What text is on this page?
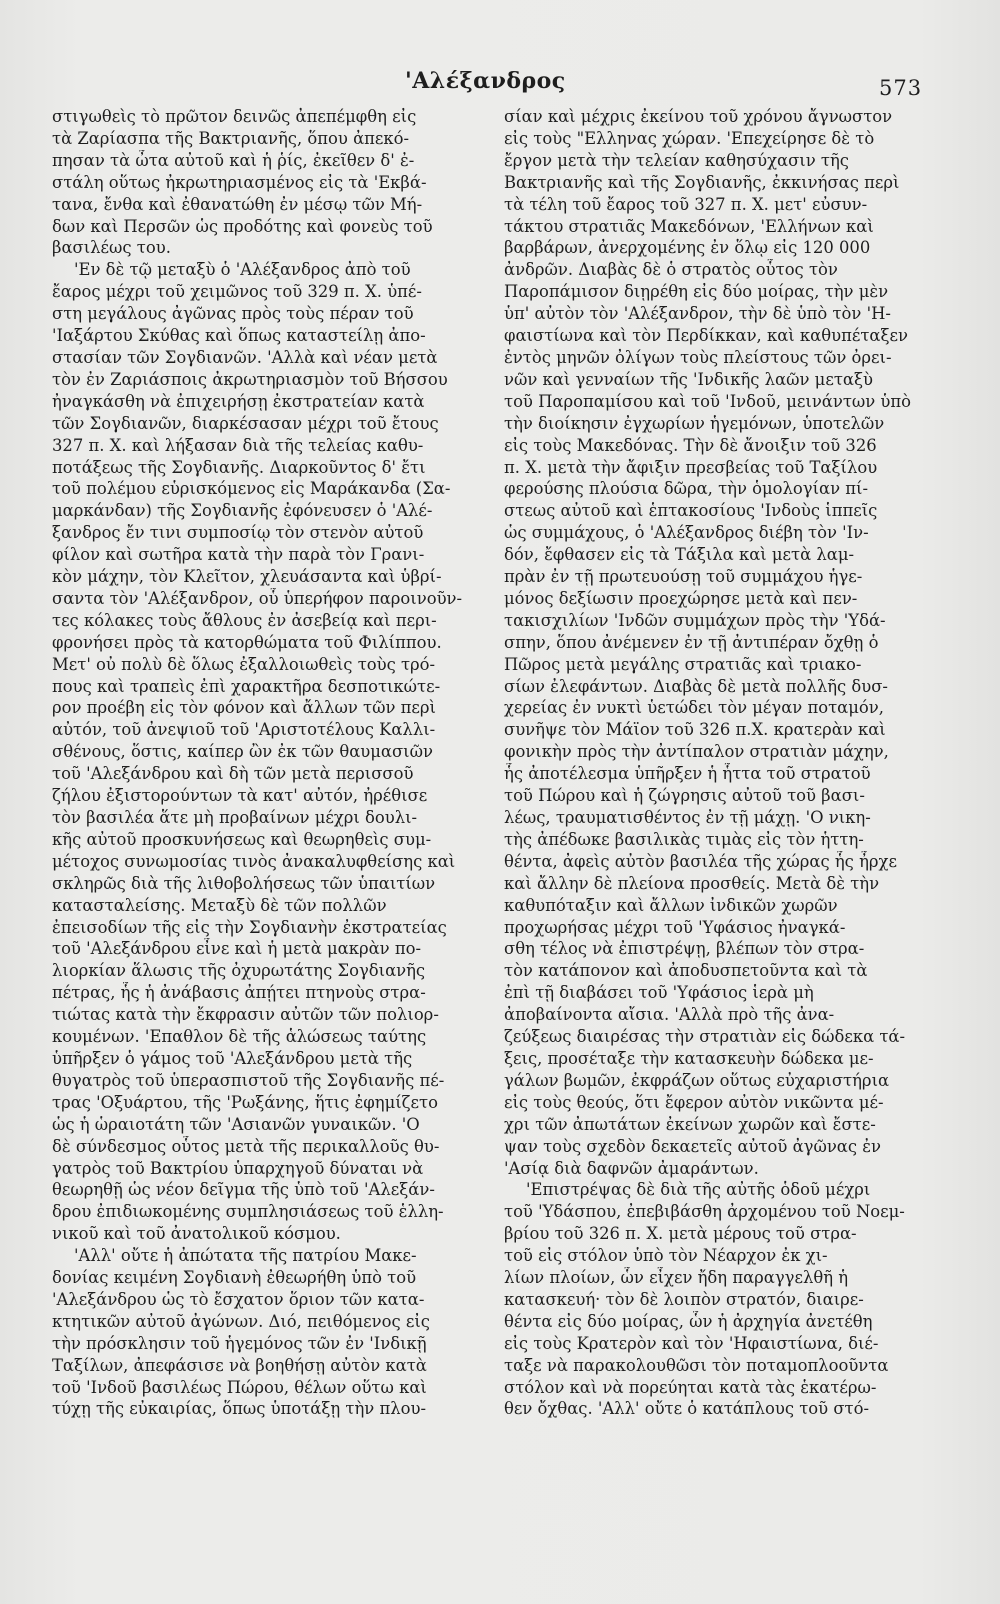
'Αλέξανδρος	573
στιγωθεὶς τὸ πρῶτον δεινῶς ἀπεπέμφθη εἰς
τὰ Ζαρίασπα τῆς Βακτριανῆς, ὅπου ἀπεκό-
πησαν τὰ ὦτα αὐτοῦ καὶ ἡ ῥίς, ἐκεῖθεν δ' ἐ-
στάλη οὕτως ἠκρωτηριασμένος εἰς τὰ 'Εκβά-
τανα, ἔνθα καὶ ἐθανατώθη ἐν μέσῳ τῶν Μή-
δων καὶ Περσῶν ὡς προδότης καὶ φονεὺς τοῦ
βασιλέως του.
'Εν δὲ τῷ μεταξὺ ὁ 'Αλέξανδρος ἀπὸ τοῦ
ἔαρος μέχρι τοῦ χειμῶνος τοῦ 329 π. Χ. ὑπέ-
στη μεγάλους ἀγῶνας πρὸς τοὺς πέραν τοῦ
'Ιαξάρτου Σκύθας καὶ ὅπως καταστείλῃ ἀπο-
στασίαν τῶν Σογδιανῶν. 'Αλλὰ καὶ νέαν μετὰ
τὸν ἐν Ζαριάσποις ἀκρωτηριασμὸν τοῦ Βήσσου
ἠναγκάσθη νὰ ἐπιχειρήσῃ ἐκστρατείαν κατὰ
τῶν Σογδιανῶν, διαρκέσασαν μέχρι τοῦ ἔτους
327 π. Χ. καὶ λήξασαν διὰ τῆς τελείας καθυ-
ποτάξεως τῆς Σογδιανῆς. Διαρκοῦντος δ' ἔτι
τοῦ πολέμου εὑρισκόμενος εἰς Μαράκανδα (Σα-
μαρκάνδαν) τῆς Σογδιανῆς ἐφόνευσεν ὁ 'Αλέ-
ξανδρος ἔν τινι συμποσίῳ τὸν στενὸν αὐτοῦ
φίλον καὶ σωτῆρα κατὰ τὴν παρὰ τὸν Γρανι-
κὸν μάχην, τὸν Κλεῖτον, χλευάσαντα καὶ ὑβρί-
σαντα τὸν 'Αλέξανδρον, οὗ ὑπερήφον παροινοῦν-
τες κόλακες τοὺς ἄθλους ἐν ἀσεβείᾳ καὶ περι-
φρονήσει πρὸς τὰ κατορθώματα τοῦ Φιλίππου.
Μετ' οὐ πολὺ δὲ ὅλως ἐξαλλοιωθεὶς τοὺς τρό-
πους καὶ τραπεὶς ἐπὶ χαρακτῆρα δεσποτικώτε-
ρον προέβη εἰς τὸν φόνον καὶ ἄλλων τῶν περὶ
αὐτόν, τοῦ ἀνεψιοῦ τοῦ 'Αριστοτέλους Καλλι-
σθένους, ὅστις, καίπερ ὢν ἐκ τῶν θαυμασιῶν
τοῦ 'Αλεξάνδρου καὶ δὴ τῶν μετὰ περισσοῦ
ζήλου ἐξιστορούντων τὰ κατ' αὐτόν, ἠρέθισε
τὸν βασιλέα ἅτε μὴ προβαίνων μέχρι δουλι-
κῆς αὐτοῦ προσκυνήσεως καὶ θεωρηθεὶς συμ-
μέτοχος συνωμοσίας τινὸς ἀνακαλυφθείσης καὶ
σκληρῶς διὰ τῆς λιθοβολήσεως τῶν ὑπαιτίων
κατασταλείσης. Μεταξὺ δὲ τῶν πολλῶν
ἐπεισοδίων τῆς εἰς τὴν Σογδιανὴν ἐκστρατείας
τοῦ 'Αλεξάνδρου εἶνε καὶ ἡ μετὰ μακρὰν πο-
λιορκίαν ἅλωσις τῆς ὀχυρωτάτης Σογδιανῆς
πέτρας, ἧς ἡ ἀνάβασις ἀπῄτει πτηνοὺς στρα-
τιώτας κατὰ τὴν ἔκφρασιν αὐτῶν τῶν πολιορ-
κουμένων. 'Επαθλον δὲ τῆς ἁλώσεως ταύτης
ὑπῆρξεν ὁ γάμος τοῦ 'Αλεξάνδρου μετὰ τῆς
θυγατρὸς τοῦ ὑπερασπιστοῦ τῆς Σογδιανῆς πέ-
τρας 'Οξυάρτου, τῆς 'Ρωξάνης, ἥτις ἐφημίζετο
ὡς ἡ ὡραιοτάτη τῶν 'Ασιανῶν γυναικῶν. 'Ο
δὲ σύνδεσμος οὗτος μετὰ τῆς περικαλλοῦς θυ-
γατρὸς τοῦ Βακτρίου ὑπαρχηγοῦ δύναται νὰ
θεωρηθῇ ὡς νέον δεῖγμα τῆς ὑπὸ τοῦ 'Αλεξάν-
δρου ἐπιδιωκομένης συμπλησιάσεως τοῦ ἑλλη-
νικοῦ καὶ τοῦ ἀνατολικοῦ κόσμου.
'Αλλ' οὔτε ἡ ἀπώτατα τῆς πατρίου Μακε-
δονίας κειμένη Σογδιανὴ ἐθεωρήθη ὑπὸ τοῦ
'Αλεξάνδρου ὡς τὸ ἔσχατον ὅριον τῶν κατα-
κτητικῶν αὐτοῦ ἀγώνων. Διό, πειθόμενος εἰς
τὴν πρόσκλησιν τοῦ ἡγεμόνος τῶν ἐν 'Ινδικῇ
Ταξίλων, ἀπεφάσισε νὰ βοηθήσῃ αὐτὸν κατὰ
τοῦ 'Ινδοῦ βασιλέως Πώρου, θέλων οὕτω καὶ
τύχῃ τῆς εὐκαιρίας, ὅπως ὑποτάξῃ τὴν πλου-
σίαν καὶ μέχρις ἐκείνου τοῦ χρόνου ἄγνωστον
εἰς τοὺς "Ελληνας χώραν. 'Επεχείρησε δὲ τὸ
ἔργον μετὰ τὴν τελείαν καθησύχασιν τῆς
Βακτριανῆς καὶ τῆς Σογδιανῆς, ἐκκινήσας περὶ
τὰ τέλη τοῦ ἔαρος τοῦ 327 π. Χ. μετ' εὐσυν-
τάκτου στρατιᾶς Μακεδόνων, 'Ελλήνων καὶ
βαρβάρων, ἀνερχομένης ἐν ὅλῳ εἰς 120 000
ἀνδρῶν. Διαβὰς δὲ ὁ στρατὸς οὗτος τὸν
Παροπάμισον διῃρέθη εἰς δύο μοίρας, τὴν μὲν
ὑπ' αὐτὸν τὸν 'Αλέξανδρον, τὴν δὲ ὑπὸ τὸν 'Η-
φαιστίωνα καὶ τὸν Περδίκκαν, καὶ καθυπέταξεν
ἐντὸς μηνῶν ὀλίγων τοὺς πλείστους τῶν ὀρει-
νῶν καὶ γενναίων τῆς 'Ινδικῆς λαῶν μεταξὺ
τοῦ Παροπαμίσου καὶ τοῦ 'Ινδοῦ, μεινάντων ὑπὸ
τὴν διοίκησιν ἐγχωρίων ἡγεμόνων, ὑποτελῶν
εἰς τοὺς Μακεδόνας. Τὴν δὲ ἄνοιξιν τοῦ 326
π. Χ. μετὰ τὴν ἄφιξιν πρεσβείας τοῦ Ταξίλου
φερούσης πλούσια δῶρα, τὴν ὁμολογίαν πί-
στεως αὐτοῦ καὶ ἑπτακοσίους 'Ινδοὺς ἱππεῖς
ὡς συμμάχους, ὁ 'Αλέξανδρος διέβη τὸν 'Ιν-
δόν, ἔφθασεν εἰς τὰ Τάξιλα καὶ μετὰ λαμ-
πρὰν ἐν τῇ πρωτευούσῃ τοῦ συμμάχου ἡγε-
μόνος δεξίωσιν προεχώρησε μετὰ καὶ πεν-
τακισχιλίων 'Ινδῶν συμμάχων πρὸς τὴν 'Υδά-
σπην, ὅπου ἀνέμενεν ἐν τῇ ἀντιπέραν ὄχθῃ ὁ
Πῶρος μετὰ μεγάλης στρατιᾶς καὶ τριακο-
σίων ἐλεφάντων. Διαβὰς δὲ μετὰ πολλῆς δυσ-
χερείας ἐν νυκτὶ ὑετώδει τὸν μέγαν ποταμόν,
συνῆψε τὸν Μάϊον τοῦ 326 π.Χ. κρατερὰν καὶ
φονικὴν πρὸς τὴν ἀντίπαλον στρατιὰν μάχην,
ἧς ἀποτέλεσμα ὑπῆρξεν ἡ ἧττα τοῦ στρατοῦ
τοῦ Πώρου καὶ ἡ ζώγρησις αὐτοῦ τοῦ βασι-
λέως, τραυματισθέντος ἐν τῇ μάχῃ. 'Ο νικη-
τὴς ἀπέδωκε βασιλικὰς τιμὰς εἰς τὸν ἡττη-
θέντα, ἀφεὶς αὐτὸν βασιλέα τῆς χώρας ἧς ἦρχε
καὶ ἄλλην δὲ πλείονα προσθείς. Μετὰ δὲ τὴν
καθυπόταξιν καὶ ἄλλων ἰνδικῶν χωρῶν
προχωρήσας μέχρι τοῦ 'Υφάσιος ἠναγκά-
σθη τέλος νὰ ἐπιστρέψῃ, βλέπων τὸν στρα-
τὸν κατάπονον καὶ ἀποδυσπετοῦντα καὶ τὰ
ἐπὶ τῇ διαβάσει τοῦ 'Υφάσιος ἱερὰ μὴ
ἀποβαίνοντα αἴσια. 'Αλλὰ πρὸ τῆς ἀνα-
ζεύξεως διαιρέσας τὴν στρατιὰν εἰς δώδεκα τά-
ξεις, προσέταξε τὴν κατασκευὴν δώδεκα με-
γάλων βωμῶν, ἐκφράζων οὕτως εὐχαριστήρια
εἰς τοὺς θεούς, ὅτι ἔφερον αὐτὸν νικῶντα μέ-
χρι τῶν ἀπωτάτων ἐκείνων χωρῶν καὶ ἔστε-
ψαν τοὺς σχεδὸν δεκαετεῖς αὐτοῦ ἀγῶνας ἐν
'Ασίᾳ διὰ δαφνῶν ἀμαράντων.
'Επιστρέψας δὲ διὰ τῆς αὐτῆς ὁδοῦ μέχρι
τοῦ 'Υδάσπου, ἐπεβιβάσθη ἀρχομένου τοῦ Νοεμ-
βρίου τοῦ 326 π. Χ. μετὰ μέρους τοῦ στρα-
τοῦ εἰς στόλον ὑπὸ τὸν Νέαρχον ἐκ χι-
λίων πλοίων, ὧν εἶχεν ἤδη παραγγελθῆ ἡ
κατασκευή· τὸν δὲ λοιπὸν στρατόν, διαιρε-
θέντα εἰς δύο μοίρας, ὧν ἡ ἀρχηγία ἀνετέθη
εἰς τοὺς Κρατερὸν καὶ τὸν 'Ηφαιστίωνα, διέ-
ταξε νὰ παρακολουθῶσι τὸν ποταμοπλοοῦντα
στόλον καὶ νὰ πορεύηται κατὰ τὰς ἑκατέρω-
θεν ὄχθας. 'Αλλ' οὔτε ὁ κατάπλους τοῦ στό-
